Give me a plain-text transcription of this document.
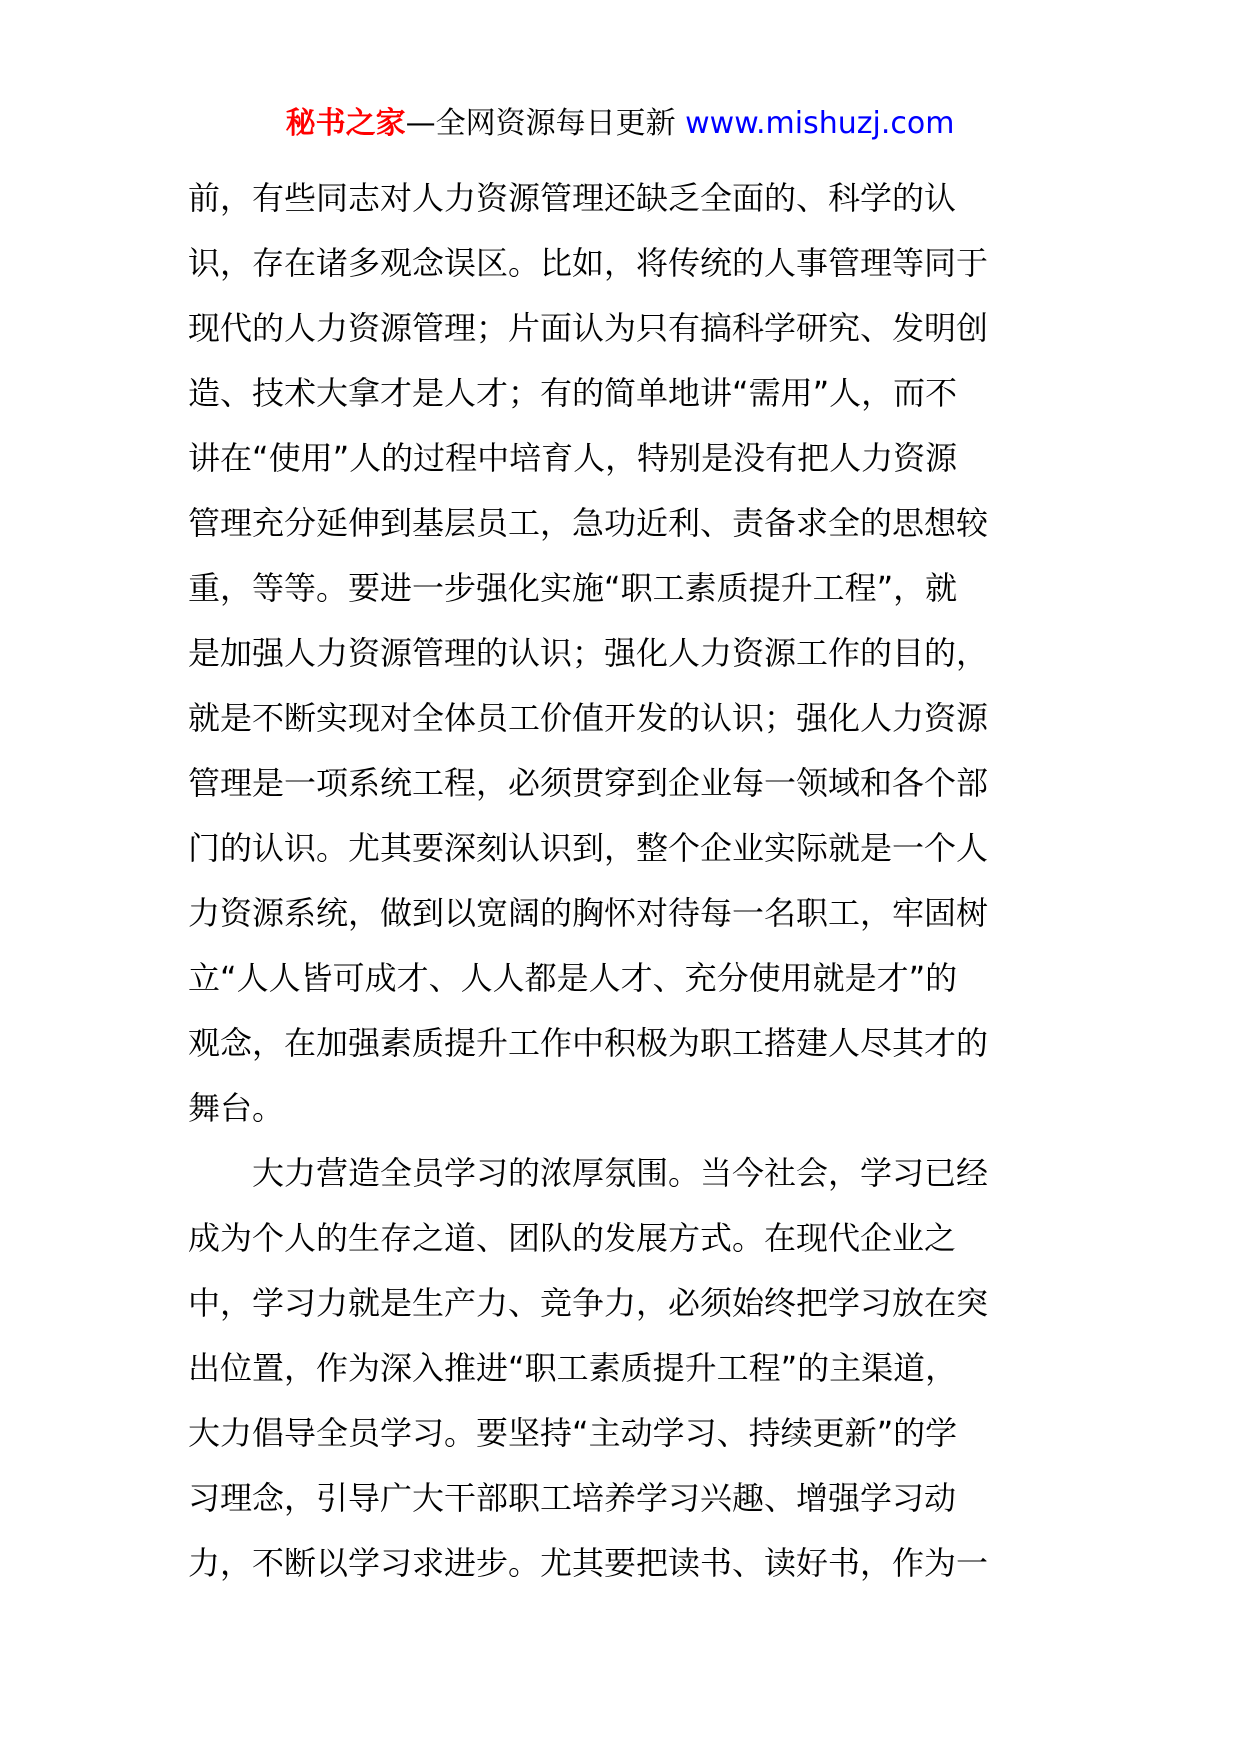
秘书之家—全网资源每日更新 www.mishuzj.com
前，有些同志对人力资源管理还缺乏全面的、科学的认
识，存在诸多观念误区。比如，将传统的人事管理等同于
现代的人力资源管理；片面认为只有搞科学研究、发明创
造、技术大拿才是人才；有的简单地讲“需用”人，而不
讲在“使用”人的过程中培育人，特别是没有把人力资源
管理充分延伸到基层员工，急功近利、责备求全的思想较
重，等等。要进一步强化实施“职工素质提升工程”，就
是加强人力资源管理的认识；强化人力资源工作的目的，
就是不断实现对全体员工价值开发的认识；强化人力资源
管理是一项系统工程，必须贯穿到企业每一领域和各个部
门的认识。尤其要深刻认识到，整个企业实际就是一个人
力资源系统，做到以宽阔的胸怀对待每一名职工，牢固树
立“人人皆可成才、人人都是人才、充分使用就是才”的
观念，在加强素质提升工作中积极为职工搭建人尽其才的
舞台。
　　大力营造全员学习的浓厚氛围。当今社会，学习已经
成为个人的生存之道、团队的发展方式。在现代企业之
中，学习力就是生产力、竞争力，必须始终把学习放在突
出位置，作为深入推进“职工素质提升工程”的主渠道，
大力倡导全员学习。要坚持“主动学习、持续更新”的学
习理念，引导广大干部职工培养学习兴趣、增强学习动
力，不断以学习求进步。尤其要把读书、读好书，作为一
